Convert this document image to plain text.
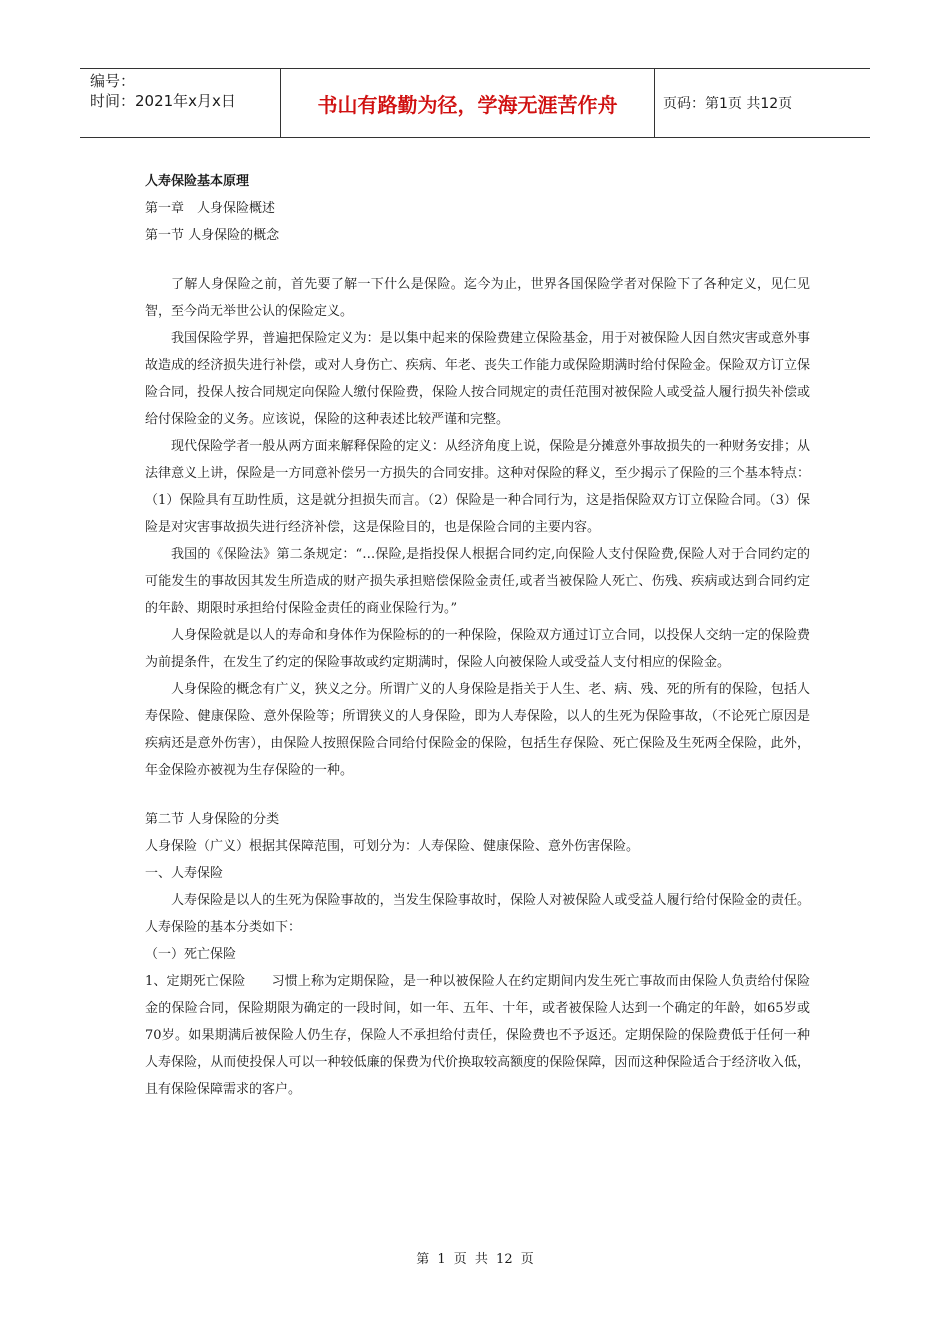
编号：
时间：2021年x月x日	书山有路勤为径，学海无涯苦作舟	页码：第1页 共12页
人寿保险基本原理
第一章　人身保险概述
第一节 人身保险的概念

了解人身保险之前，首先要了解一下什么是保险。迄今为止，世界各国保险学者对保险下了各种定义，见仁见智，至今尚无举世公认的保险定义。

我国保险学界，普遍把保险定义为：是以集中起来的保险费建立保险基金，用于对被保险人因自然灾害或意外事故造成的经济损失进行补偿，或对人身伤亡、疾病、年老、丧失工作能力或保险期满时给付保险金。保险双方订立保险合同，投保人按合同规定向保险人缴付保险费，保险人按合同规定的责任范围对被保险人或受益人履行损失补偿或给付保险金的义务。应该说，保险的这种表述比较严谨和完整。

现代保险学者一般从两方面来解释保险的定义：从经济角度上说，保险是分摊意外事故损失的一种财务安排；从法律意义上讲，保险是一方同意补偿另一方损失的合同安排。这种对保险的释义，至少揭示了保险的三个基本特点：（1）保险具有互助性质，这是就分担损失而言。（2）保险是一种合同行为，这是指保险双方订立保险合同。（3）保险是对灾害事故损失进行经济补偿，这是保险目的，也是保险合同的主要内容。

我国的《保险法》第二条规定：“…保险,是指投保人根据合同约定,向保险人支付保险费,保险人对于合同约定的可能发生的事故因其发生所造成的财产损失承担赔偿保险金责任,或者当被保险人死亡、伤残、疾病或达到合同约定的年龄、期限时承担给付保险金责任的商业保险行为。”

人身保险就是以人的寿命和身体作为保险标的的一种保险，保险双方通过订立合同，以投保人交纳一定的保险费为前提条件，在发生了约定的保险事故或约定期满时，保险人向被保险人或受益人支付相应的保险金。

人身保险的概念有广义，狭义之分。所谓广义的人身保险是指关于人生、老、病、残、死的所有的保险，包括人寿保险、健康保险、意外保险等；所谓狭义的人身保险，即为人寿保险，以人的生死为保险事故，（不论死亡原因是疾病还是意外伤害），由保险人按照保险合同给付保险金的保险，包括生存保险、死亡保险及生死两全保险，此外，年金保险亦被视为生存保险的一种。

第二节 人身保险的分类
人身保险（广义）根据其保障范围，可划分为：人寿保险、健康保险、意外伤害保险。
一、人寿保险

人寿保险是以人的生死为保险事故的，当发生保险事故时，保险人对被保险人或受益人履行给付保险金的责任。人寿保险的基本分类如下：

（一）死亡保险

1、定期死亡保险　　习惯上称为定期保险，是一种以被保险人在约定期间内发生死亡事故而由保险人负责给付保险金的保险合同，保险期限为确定的一段时间，如一年、五年、十年，或者被保险人达到一个确定的年龄，如65岁或70岁。如果期满后被保险人仍生存，保险人不承担给付责任，保险费也不予返还。定期保险的保险费低于任何一种人寿保险，从而使投保人可以一种较低廉的保费为代价换取较高额度的保险保障，因而这种保险适合于经济收入低，且有保险保障需求的客户。

第 1 页 共 12 页
